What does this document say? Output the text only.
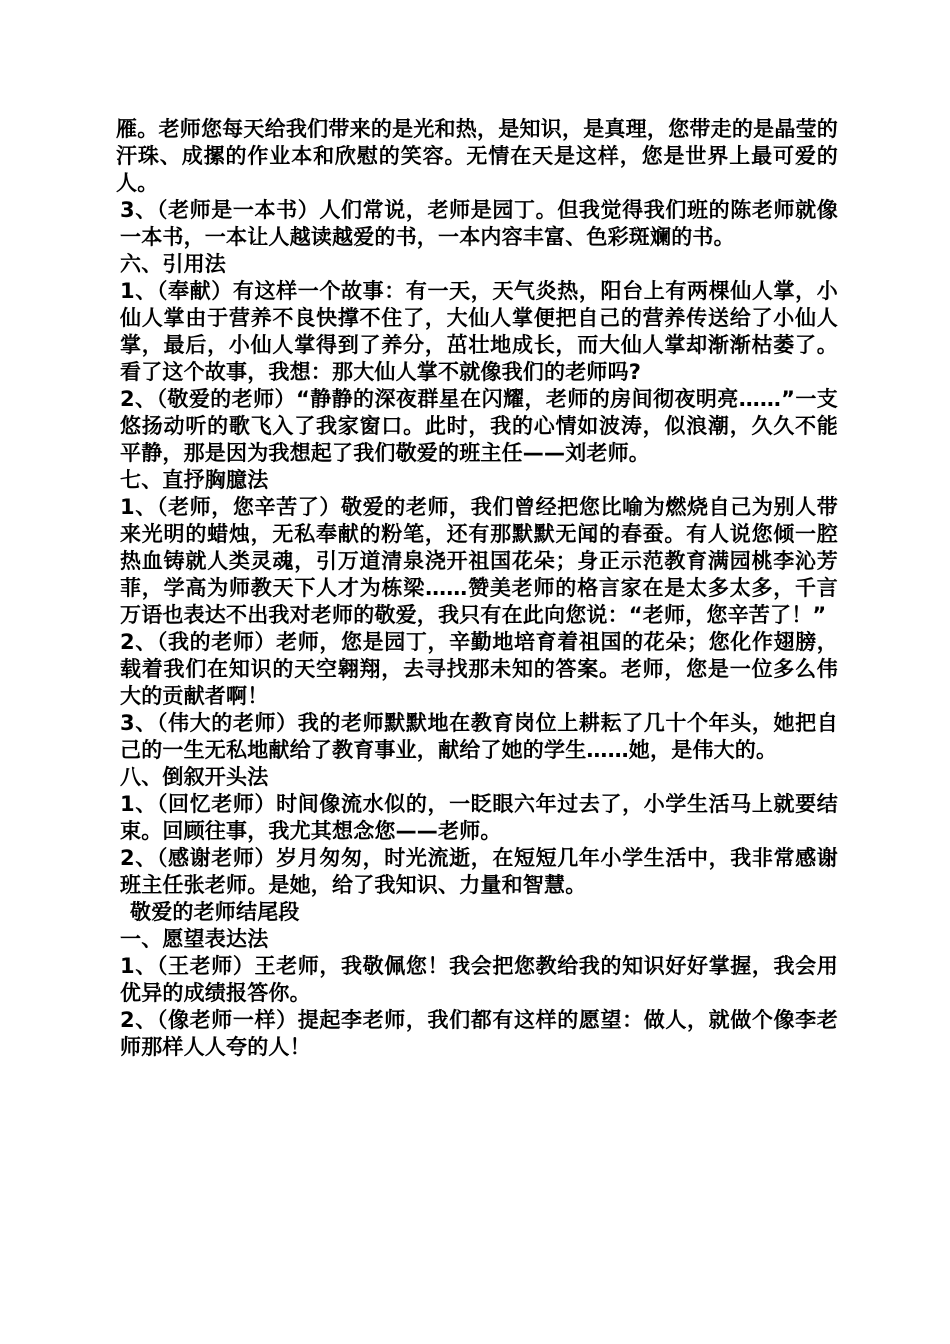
雁。老师您每天给我们带来的是光和热，是知识，是真理，您带走的是晶莹的汗珠、成摞的作业本和欣慰的笑容。无情在天是这样，您是世界上最可爱的人。

3、（老师是一本书）人们常说，老师是园丁。但我觉得我们班的陈老师就像一本书，一本让人越读越爱的书，一本内容丰富、色彩斑斓的书。

六、引用法

1、（奉献）有这样一个故事：有一天，天气炎热，阳台上有两棵仙人掌，小仙人掌由于营养不良快撑不住了，大仙人掌便把自己的营养传送给了小仙人掌，最后，小仙人掌得到了养分，茁壮地成长，而大仙人掌却渐渐枯萎了。看了这个故事，我想：那大仙人掌不就像我们的老师吗?

2、（敬爱的老师）“静静的深夜群星在闪耀，老师的房间彻夜明亮……”一支悠扬动听的歌飞入了我家窗口。此时，我的心情如波涛，似浪潮，久久不能平静，那是因为我想起了我们敬爱的班主任——刘老师。

七、直抒胸臆法

1、（老师，您辛苦了）敬爱的老师，我们曾经把您比喻为燃烧自己为别人带来光明的蜡烛，无私奉献的粉笔，还有那默默无闻的春蚕。有人说您倾一腔热血铸就人类灵魂，引万道清泉浇开祖国花朵；身正示范教育满园桃李沁芳菲，学高为师教天下人才为栋梁……赞美老师的格言家在是太多太多，千言万语也表达不出我对老师的敬爱，我只有在此向您说：“老师，您辛苦了！”

2、（我的老师）老师，您是园丁，辛勤地培育着祖国的花朵；您化作翅膀，载着我们在知识的天空翱翔，去寻找那未知的答案。老师，您是一位多么伟大的贡献者啊！

3、（伟大的老师）我的老师默默地在教育岗位上耕耘了几十个年头，她把自己的一生无私地献给了教育事业，献给了她的学生……她，是伟大的。

八、倒叙开头法

1、（回忆老师）时间像流水似的，一眨眼六年过去了，小学生活马上就要结束。回顾往事，我尤其想念您——老师。

2、（感谢老师）岁月匆匆，时光流逝，在短短几年小学生活中，我非常感谢班主任张老师。是她，给了我知识、力量和智慧。

敬爱的老师结尾段

一、愿望表达法

1、（王老师）王老师，我敬佩您！我会把您教给我的知识好好掌握，我会用优异的成绩报答你。

2、（像老师一样）提起李老师，我们都有这样的愿望：做人，就做个像李老师那样人人夸的人！
